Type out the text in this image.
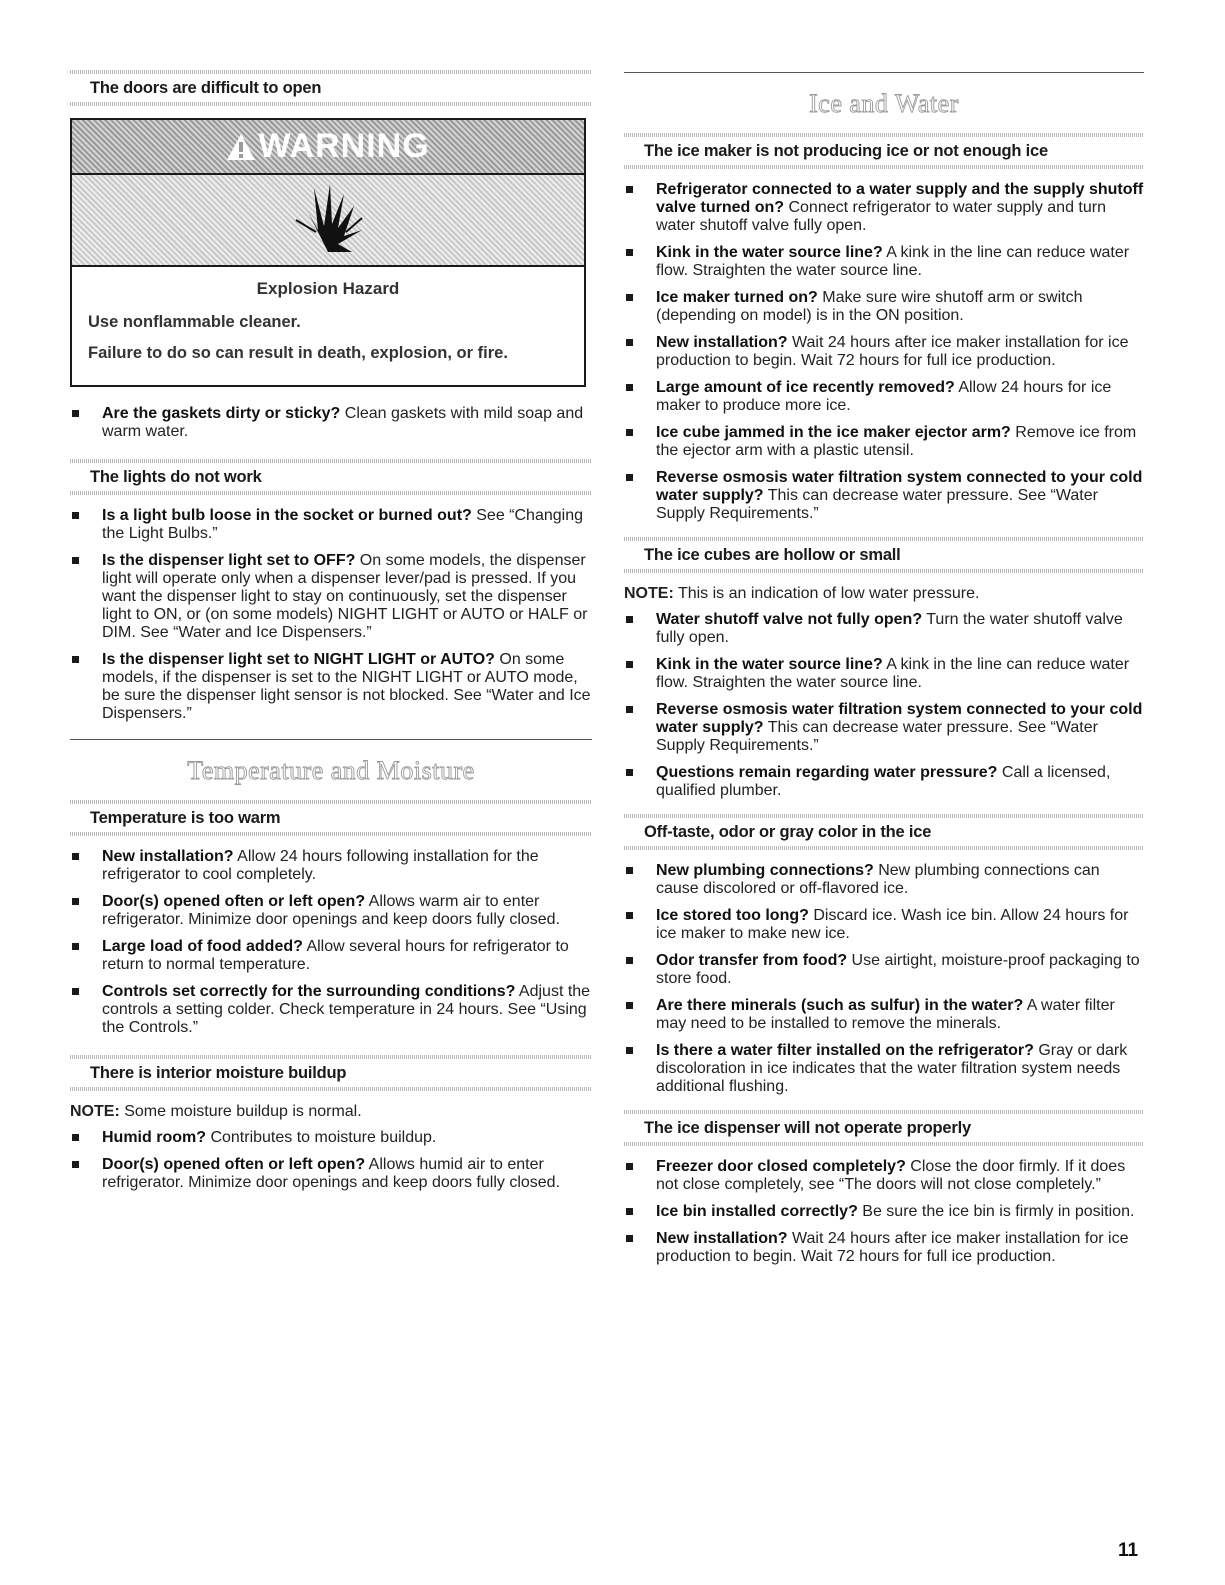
The doors are difficult to open
WARNING
Explosion Hazard
Use nonflammable cleaner.
Failure to do so can result in death, explosion, or fire.
Are the gaskets dirty or sticky? Clean gaskets with mild soap and warm water.
The lights do not work
Is a light bulb loose in the socket or burned out? See “Changing the Light Bulbs.”
Is the dispenser light set to OFF? On some models, the dispenser light will operate only when a dispenser lever/pad is pressed. If you want the dispenser light to stay on continuously, set the dispenser light to ON, or (on some models) NIGHT LIGHT or AUTO or HALF or DIM. See “Water and Ice Dispensers.”
Is the dispenser light set to NIGHT LIGHT or AUTO? On some models, if the dispenser is set to the NIGHT LIGHT or AUTO mode, be sure the dispenser light sensor is not blocked. See “Water and Ice Dispensers.”
Temperature and Moisture
Temperature is too warm
New installation? Allow 24 hours following installation for the refrigerator to cool completely.
Door(s) opened often or left open? Allows warm air to enter refrigerator. Minimize door openings and keep doors fully closed.
Large load of food added? Allow several hours for refrigerator to return to normal temperature.
Controls set correctly for the surrounding conditions? Adjust the controls a setting colder. Check temperature in 24 hours. See “Using the Controls.”
There is interior moisture buildup

NOTE: Some moisture buildup is normal.

Humid room? Contributes to moisture buildup.
Door(s) opened often or left open? Allows humid air to enter refrigerator. Minimize door openings and keep doors fully closed.
Ice and Water
The ice maker is not producing ice or not enough ice
Refrigerator connected to a water supply and the supply shutoff valve turned on? Connect refrigerator to water supply and turn water shutoff valve fully open.
Kink in the water source line? A kink in the line can reduce water flow. Straighten the water source line.
Ice maker turned on? Make sure wire shutoff arm or switch (depending on model) is in the ON position.
New installation? Wait 24 hours after ice maker installation for ice production to begin. Wait 72 hours for full ice production.
Large amount of ice recently removed? Allow 24 hours for ice maker to produce more ice.
Ice cube jammed in the ice maker ejector arm? Remove ice from the ejector arm with a plastic utensil.
Reverse osmosis water filtration system connected to your cold water supply? This can decrease water pressure. See “Water Supply Requirements.”
The ice cubes are hollow or small

NOTE: This is an indication of low water pressure.

Water shutoff valve not fully open? Turn the water shutoff valve fully open.
Kink in the water source line? A kink in the line can reduce water flow. Straighten the water source line.
Reverse osmosis water filtration system connected to your cold water supply? This can decrease water pressure. See “Water Supply Requirements.”
Questions remain regarding water pressure? Call a licensed, qualified plumber.
Off-taste, odor or gray color in the ice
New plumbing connections? New plumbing connections can cause discolored or off-flavored ice.
Ice stored too long? Discard ice. Wash ice bin. Allow 24 hours for ice maker to make new ice.
Odor transfer from food? Use airtight, moisture-proof packaging to store food.
Are there minerals (such as sulfur) in the water? A water filter may need to be installed to remove the minerals.
Is there a water filter installed on the refrigerator? Gray or dark discoloration in ice indicates that the water filtration system needs additional flushing.
The ice dispenser will not operate properly
Freezer door closed completely? Close the door firmly. If it does not close completely, see “The doors will not close completely.”
Ice bin installed correctly? Be sure the ice bin is firmly in position.
New installation? Wait 24 hours after ice maker installation for ice production to begin. Wait 72 hours for full ice production.
11
